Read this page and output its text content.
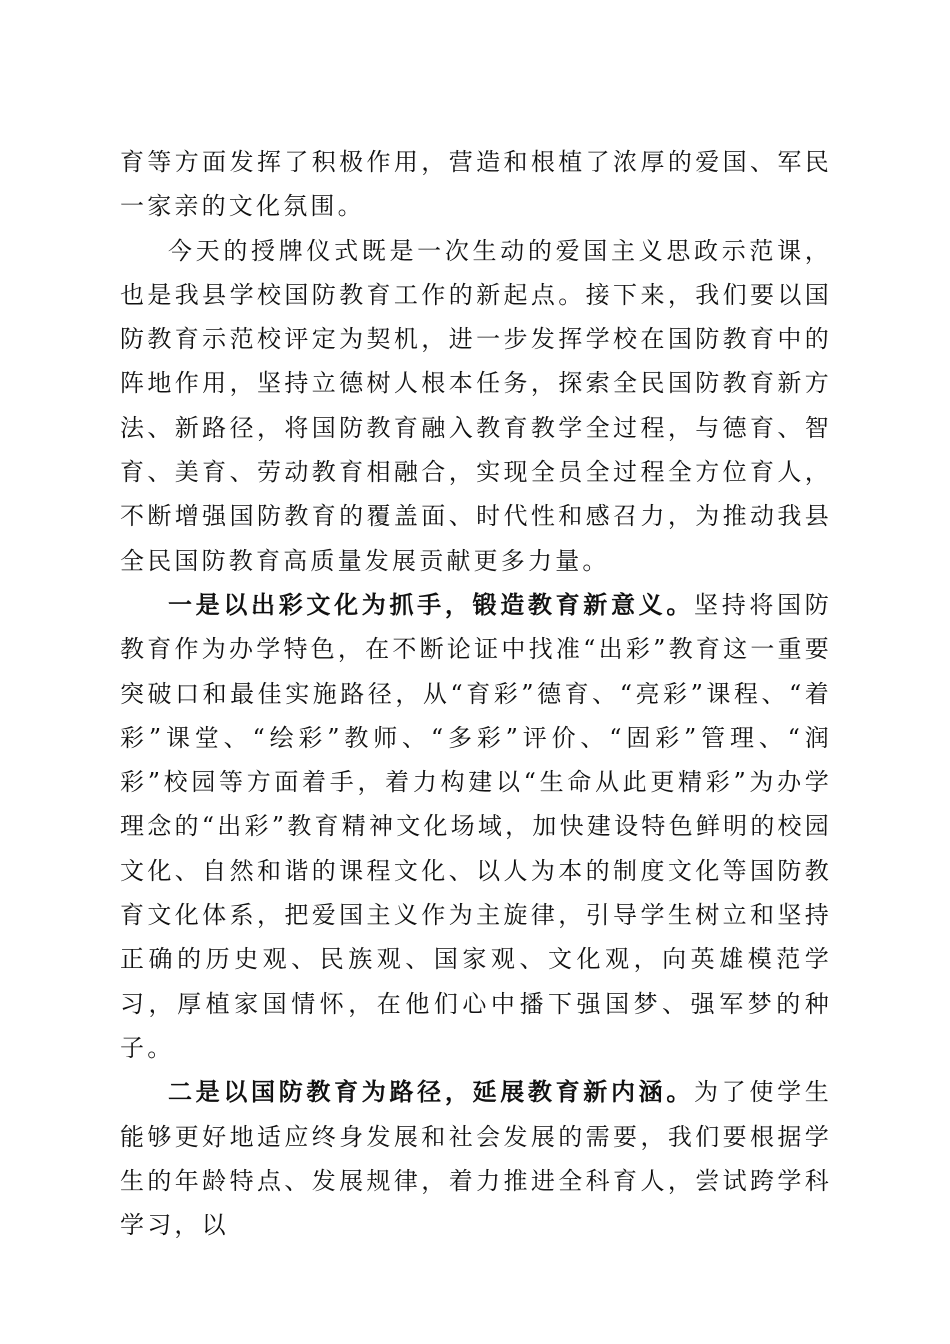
育等方面发挥了积极作用，营造和根植了浓厚的爱国、军民一家亲的文化氛围。

今天的授牌仪式既是一次生动的爱国主义思政示范课，也是我县学校国防教育工作的新起点。接下来，我们要以国防教育示范校评定为契机，进一步发挥学校在国防教育中的阵地作用，坚持立德树人根本任务，探索全民国防教育新方法、新路径，将国防教育融入教育教学全过程，与德育、智育、美育、劳动教育相融合，实现全员全过程全方位育人，不断增强国防教育的覆盖面、时代性和感召力，为推动我县全民国防教育高质量发展贡献更多力量。

一是以出彩文化为抓手，锻造教育新意义。坚持将国防教育作为办学特色，在不断论证中找准“出彩”教育这一重要突破口和最佳实施路径，从“育彩”德育、“亮彩”课程、“着彩”课堂、“绘彩”教师、“多彩”评价、“固彩”管理、“润彩”校园等方面着手，着力构建以“生命从此更精彩”为办学理念的“出彩”教育精神文化场域，加快建设特色鲜明的校园文化、自然和谐的课程文化、以人为本的制度文化等国防教育文化体系，把爱国主义作为主旋律，引导学生树立和坚持正确的历史观、民族观、国家观、文化观，向英雄模范学习，厚植家国情怀，在他们心中播下强国梦、强军梦的种子。

二是以国防教育为路径，延展教育新内涵。为了使学生能够更好地适应终身发展和社会发展的需要，我们要根据学生的年龄特点、发展规律，着力推进全科育人，尝试跨学科学习，以
